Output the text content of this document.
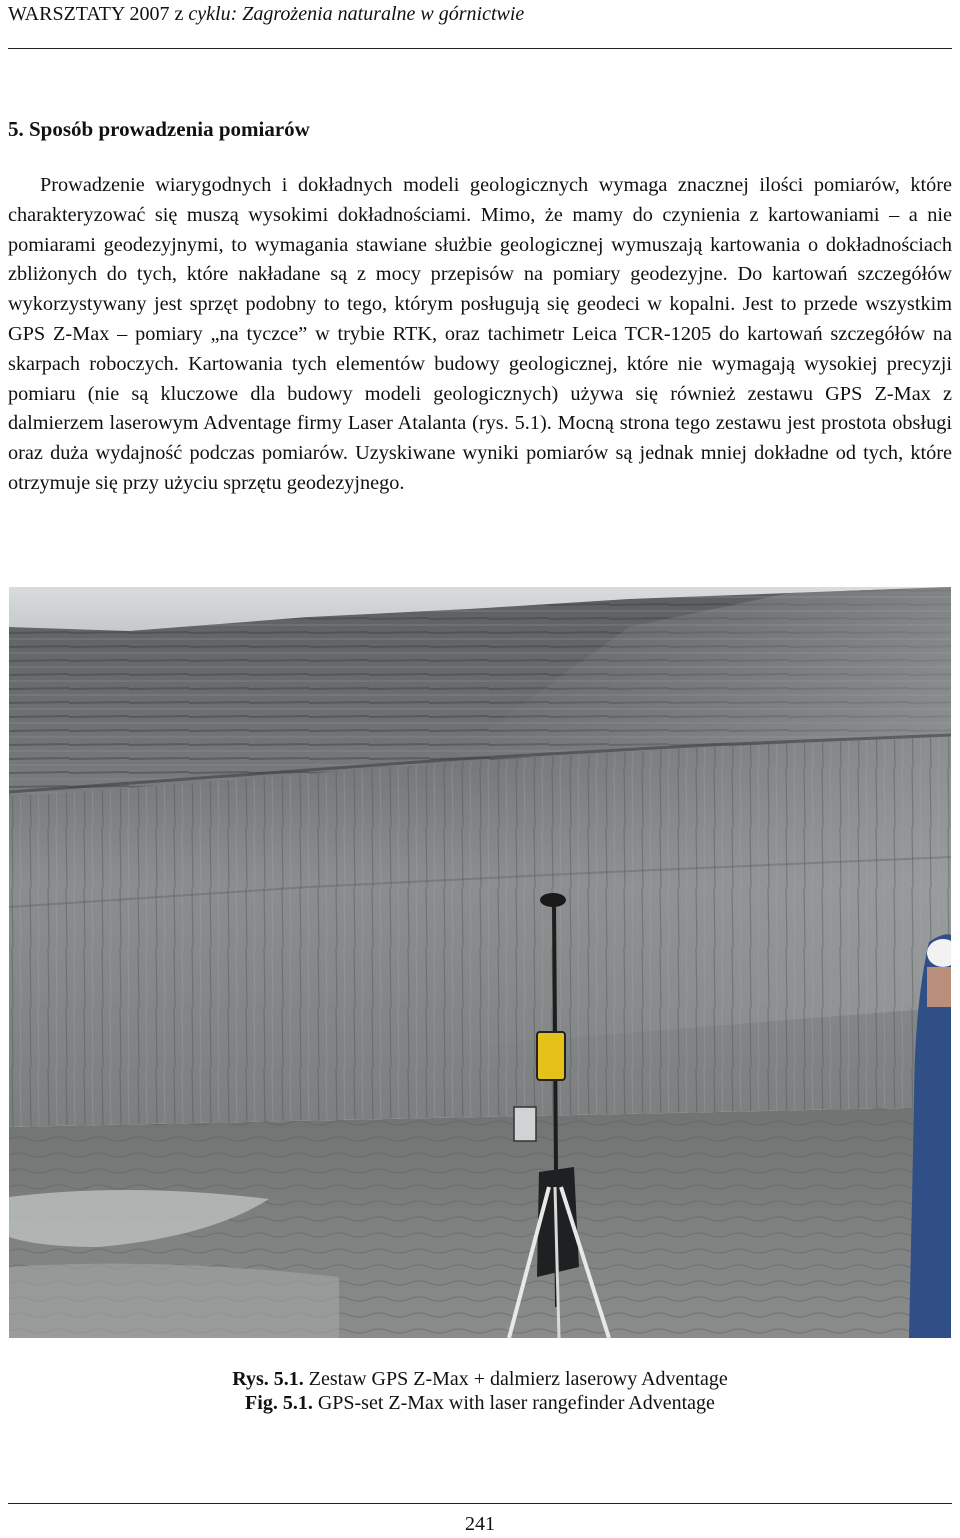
WARSZTATY 2007 z cyklu: Zagrożenia naturalne w górnictwie
5. Sposób prowadzenia pomiarów

Prowadzenie wiarygodnych i dokładnych modeli geologicznych wymaga znacznej ilości pomiarów, które charakteryzować się muszą wysokimi dokładnościami. Mimo, że mamy do czynienia z kartowaniami – a nie pomiarami geodezyjnymi, to wymagania stawiane służbie geologicznej wymuszają kartowania o dokładnościach zbliżonych do tych, które nakładane są z mocy przepisów na pomiary geodezyjne. Do kartowań szczegółów wykorzystywany jest sprzęt podobny to tego, którym posługują się geodeci w kopalni. Jest to przede wszystkim GPS Z-Max – pomiary „na tyczce” w trybie RTK, oraz tachimetr Leica TCR-1205 do kartowań szczegółów na skarpach roboczych. Kartowania tych elementów budowy geologicznej, które nie wymagają wysokiej precyzji pomiaru (nie są kluczowe dla budowy modeli geologicznych) używa się również zestawu GPS Z-Max z dalmierzem laserowym Adventage firmy Laser Atalanta (rys. 5.1). Mocną strona tego zestawu jest prostota obsługi oraz duża wydajność podczas pomiarów. Uzyskiwane wyniki pomiarów są jednak mniej dokładne od tych, które otrzymuje się przy użyciu sprzętu geodezyjnego.

Rys. 5.1. Zestaw GPS Z-Max + dalmierz laserowy Adventage
Fig. 5.1. GPS-set Z-Max with laser rangefinder Adventage
241
